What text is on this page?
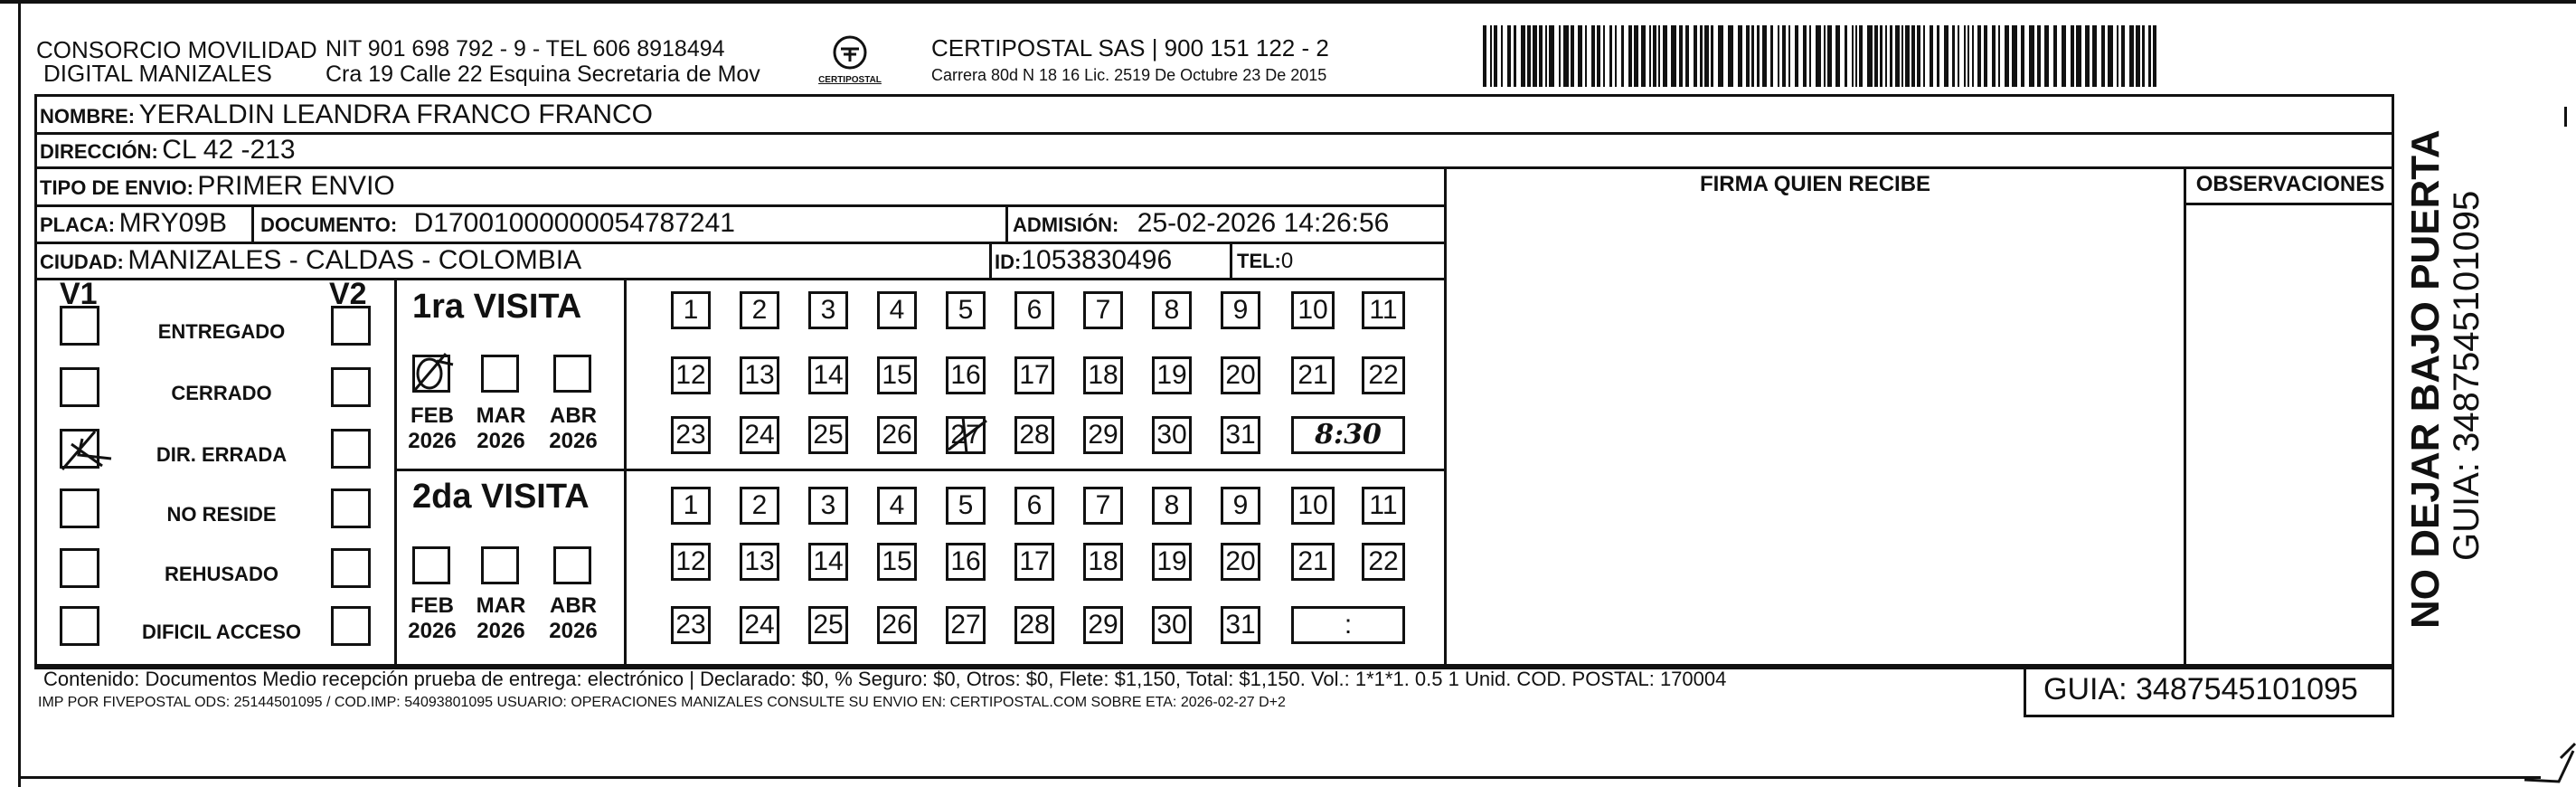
CONSORCIO MOVILIDAD
DIGITAL MANIZALES
NIT 901 698 792 - 9 - TEL 606 8918494
Cra 19 Calle 22 Esquina Secretaria de Mov	CERTIPOSTAL
CERTIPOSTAL SAS | 900 151 122 - 2
Carrera 80d N 18 16 Lic. 2519 De Octubre 23 De 2015
NOMBRE: YERALDIN LEANDRA FRANCO FRANCO
DIRECCIÓN: CL 42 -213
TIPO DE ENVIO: PRIMER ENVIO
PLACA: MRY09B DOCUMENTO: D17001000000054787241	ADMISIÓN: 25-02-2026 14:26:56
CIUDAD: MANIZALES - CALDAS - COLOMBIA	ID:1053830496	TEL:0
FIRMA QUIEN RECIBE	OBSERVACIONES
V1	V2 1ra VISITA
2da VISITA
Contenido: Documentos Medio recepción prueba de entrega: electrónico | Declarado: $0, % Seguro: $0, Otros: $0, Flete: $1,150, Total: $1,150. Vol.: 1*1*1. 0.5 1 Unid. COD. POSTAL: 170004
IMP POR FIVEPOSTAL ODS: 25144501095 / COD.IMP: 54093801095 USUARIO: OPERACIONES MANIZALES CONSULTE SU ENVIO EN: CERTIPOSTAL.COM SOBRE ETA: 2026-02-27 D+2	GUIA: 3487545101095
NO DEJAR BAJO PUERTA GUIA: 3487545101095
ENTREGADO
CERRADO
DIR. ERRADA
NO RESIDE
REHUSADO
DIFICIL ACCESO
FEB
2026
MAR
2026
ABR
2026
FEB
2026
MAR
2026
ABR
2026
1	2	3	4	5	6	7	8	9	10 11
12 13 14 15 16 17 18 19 20 21 22
23 24 25 26 27 28 29 30 31	8:30
1	2	3	4	5	6	7	8	9	10 11
12 13 14 15 16 17 18 19 20 21 22
23 24 25 26 27 28 29 30 31	:
